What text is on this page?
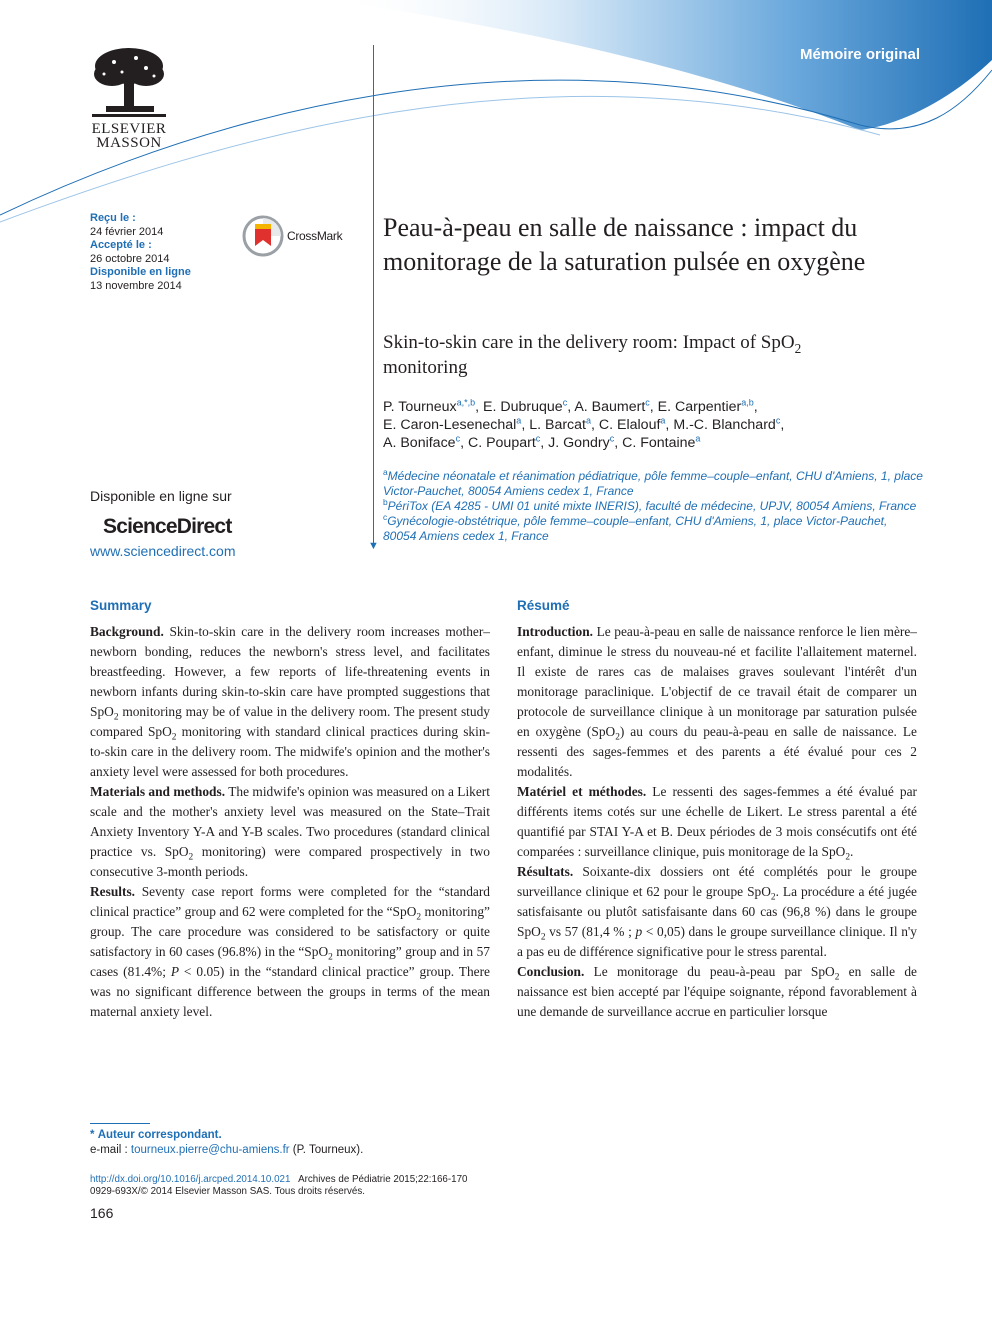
Mémoire original
ELSEVIER
MASSON
Reçu le :
24 février 2014
Accepté le :
26 octobre 2014
Disponible en ligne
13 novembre 2014
CrossMark
Disponible en ligne sur
ScienceDirect
www.sciencedirect.com	▼
Peau-à-peau en salle de naissance : impact du monitorage de la saturation pulsée en oxygène
Skin-to-skin care in the delivery room: Impact of SpO$_2$
monitoring
P. Tourneux$^{a,*,b}$, E. Dubruque$^c$, A. Baumert$^c$, E. Carpentier$^{a,b}$,
E. Caron-Lesenechal$^a$, L. Barcat$^a$, C. Elalouf$^a$, M.-C. Blanchard$^c$,
A. Boniface$^c$, C. Poupart$^c$, J. Gondry$^c$, C. Fontaine$^a$
$^a$Médecine néonatale et réanimation pédiatrique, pôle femme–couple–enfant, CHU d'Amiens, 1, place Victor-Pauchet, 80054 Amiens cedex 1, France
$^b$PériTox (EA 4285 - UMI 01 unité mixte INERIS), faculté de médecine, UPJV, 80054 Amiens, France
$^c$Gynécologie-obstétrique, pôle femme–couple–enfant, CHU d'Amiens, 1, place Victor-Pauchet, 80054 Amiens cedex 1, France
Summary

Background. Skin-to-skin care in the delivery room increases mother–newborn bonding, reduces the newborn's stress level, and facilitates breastfeeding. However, a few reports of life-threatening events in newborn infants during skin-to-skin care have prompted suggestions that SpO$_2$ monitoring may be of value in the delivery room. The present study compared SpO$_2$ monitoring with standard clinical practices during skin-to-skin care in the delivery room. The midwife's opinion and the mother's anxiety level were assessed for both procedures.

Materials and methods. The midwife's opinion was measured on a Likert scale and the mother's anxiety level was measured on the State–Trait Anxiety Inventory Y-A and Y-B scales. Two procedures (standard clinical practice vs. SpO$_2$ monitoring) were compared prospectively in two consecutive 3-month periods.

Results. Seventy case report forms were completed for the “standard clinical practice” group and 62 were completed for the “SpO$_2$ monitoring” group. The care procedure was considered to be satisfactory or quite satisfactory in 60 cases (96.8%) in the “SpO$_2$ monitoring” group and in 57 cases (81.4%; P < 0.05) in the “standard clinical practice” group. There was no significant difference between the groups in terms of the mean maternal anxiety level.

Résumé

Introduction. Le peau-à-peau en salle de naissance renforce le lien mère–enfant, diminue le stress du nouveau-né et facilite l'allaitement maternel. Il existe de rares cas de malaises graves soulevant l'intérêt d'un monitorage paraclinique. L'objectif de ce travail était de comparer un protocole de surveillance clinique à un monitorage par saturation pulsée en oxygène (SpO$_2$) au cours du peau-à-peau en salle de naissance. Le ressenti des sages-femmes et des parents a été évalué pour ces 2 modalités.

Matériel et méthodes. Le ressenti des sages-femmes a été évalué par différents items cotés sur une échelle de Likert. Le stress parental a été quantifié par STAI Y-A et B. Deux périodes de 3 mois consécutifs ont été comparées : surveillance clinique, puis monitorage de la SpO$_2$.

Résultats. Soixante-dix dossiers ont été complétés pour le groupe surveillance clinique et 62 pour le groupe SpO$_2$. La procédure a été jugée satisfaisante ou plutôt satisfaisante dans 60 cas (96,8 %) dans le groupe SpO$_2$ vs 57 (81,4 % ; p < 0,05) dans le groupe surveillance clinique. Il n'y a pas eu de différence significative pour le stress parental.

Conclusion. Le monitorage du peau-à-peau par SpO$_2$ en salle de naissance est bien accepté par l'équipe soignante, répond favorablement à une demande de surveillance accrue en particulier lorsque

* Auteur correspondant.
e-mail : tourneux.pierre@chu-amiens.fr (P. Tourneux).
http://dx.doi.org/10.1016/j.arcped.2014.10.021   Archives de Pédiatrie 2015;22:166-170
0929-693X/© 2014 Elsevier Masson SAS. Tous droits réservés.
166
